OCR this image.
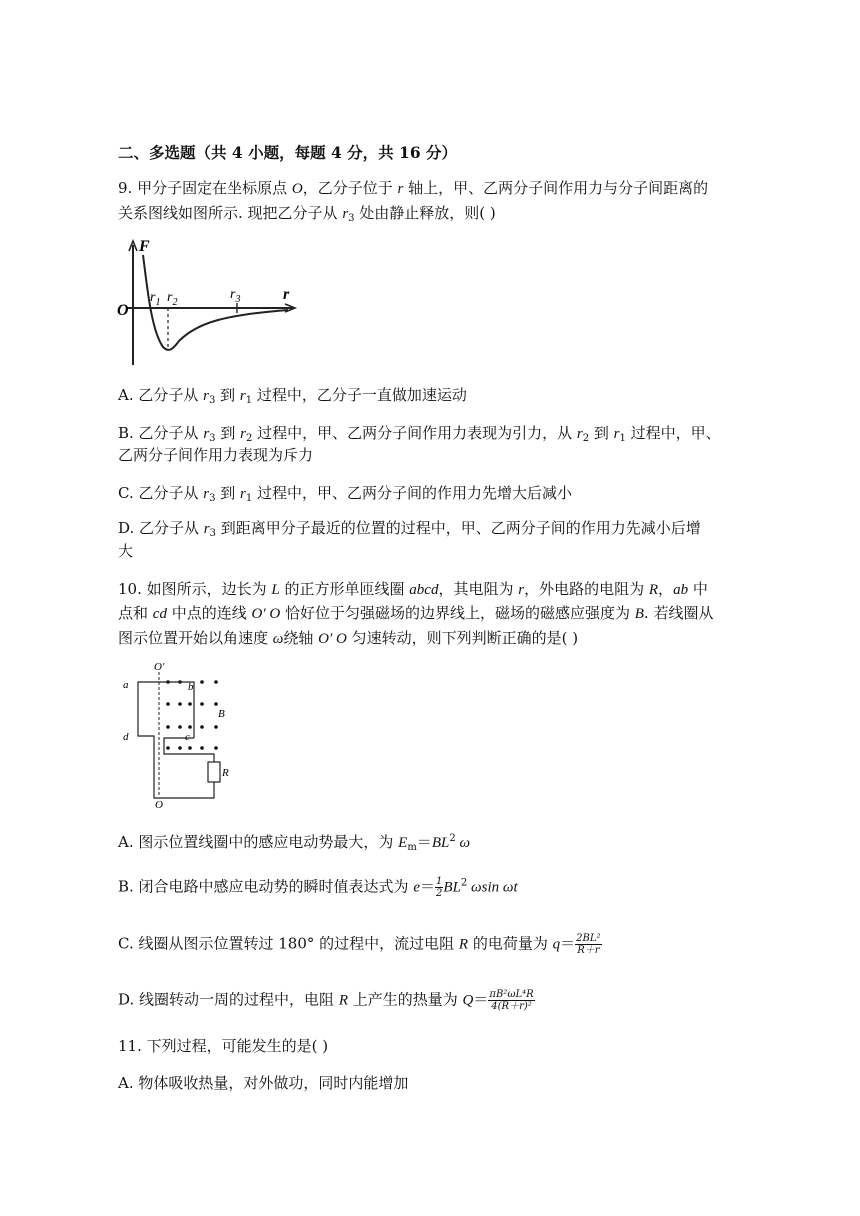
二、多选题（共 4 小题，每题 4 分，共 16 分）
9. 甲分子固定在坐标原点 O，乙分子位于 r 轴上，甲、乙两分子间作用力与分子间距离的
关系图线如图所示. 现把乙分子从 $r_3$ 处由静止释放，则( )
F
r
O
$r_1$ $r_2$
$r_3$
A. 乙分子从 $r_3$ 到 $r_1$ 过程中，乙分子一直做加速运动
B. 乙分子从 $r_3$ 到 $r_2$ 过程中，甲、乙两分子间作用力表现为引力，从 $r_2$ 到 $r_1$ 过程中，甲、
乙两分子间作用力表现为斥力
C. 乙分子从 $r_3$ 到 $r_1$ 过程中，甲、乙两分子间的作用力先增大后减小
D. 乙分子从 $r_3$ 到距离甲分子最近的位置的过程中，甲、乙两分子间的作用力先减小后增
大
10. 如图所示，边长为 L 的正方形单匝线圈 abcd，其电阻为 r，外电路的电阻为 R，ab 中
点和 cd 中点的连线 O′ O 恰好位于匀强磁场的边界线上，磁场的磁感应强度为 B. 若线圈从
图示位置开始以角速度 ω绕轴 O′ O 匀速转动，则下列判断正确的是( )
O′
O
a	b
c
d
B
R
A. 图示位置线圈中的感应电动势最大，为 $E_m=BL^2$ ω
B. 闭合电路中感应电动势的瞬时值表达式为 $e= \frac{1}{2} BL^2$ ωsin ωt
C. 线圈从图示位置转过 180° 的过程中，流过电阻 R 的电荷量为 $q= \frac{\text{2BL²}}{R+r}$
D. 线圈转动一周的过程中，电阻 R 上产生的热量为 $Q= \frac{\text{πB²ωL⁴R}}{\text{4(R＋r)²}}$
11. 下列过程，可能发生的是( )
A. 物体吸收热量，对外做功，同时内能增加
